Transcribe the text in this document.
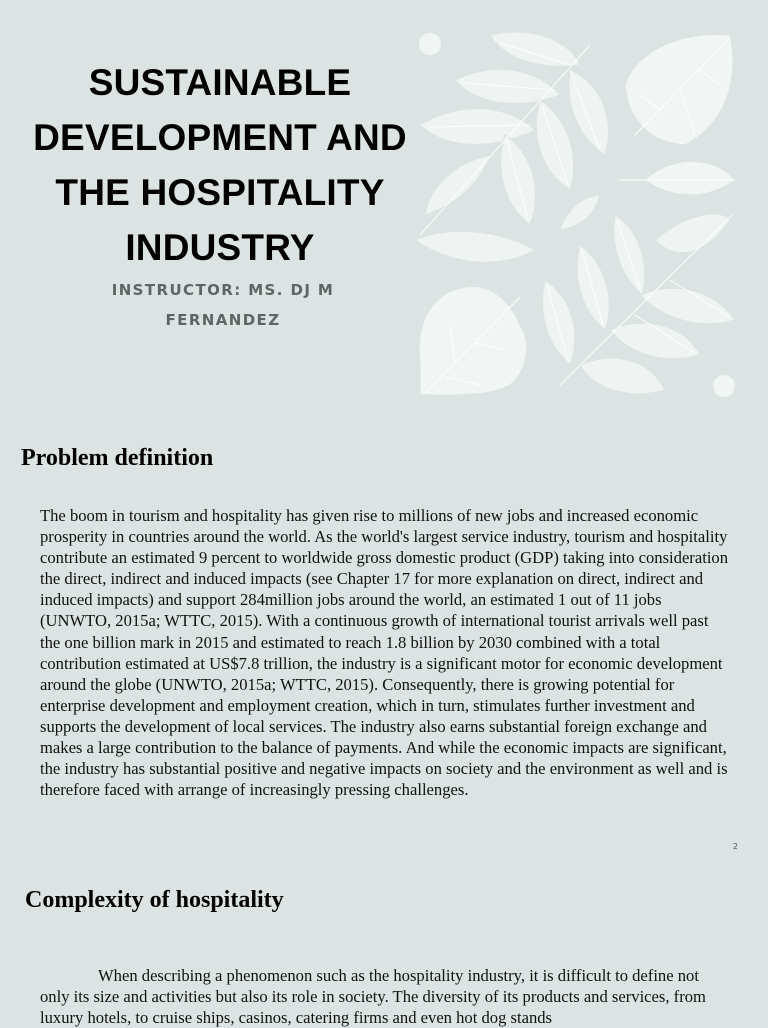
SUSTAINABLE DEVELOPMENT AND THE HOSPITALITY INDUSTRY

INSTRUCTOR: MS. DJ M FERNANDEZ

Problem definition

The boom in tourism and hospitality has given rise to millions of new jobs and increased economic prosperity in countries around the world. As the world's largest service industry, tourism and hospitality contribute an estimated 9 percent to worldwide gross domestic product (GDP) taking into consideration the direct, indirect and induced impacts (see Chapter 17 for more explanation on direct, indirect and induced impacts) and support 284million jobs around the world, an estimated 1 out of 11 jobs (UNWTO, 2015a; WTTC, 2015). With a continuous growth of international tourist arrivals well past the one billion mark in 2015 and estimated to reach 1.8 billion by 2030 combined with a total contribution estimated at US$7.8 trillion, the industry is a significant motor for economic development around the globe (UNWTO, 2015a; WTTC, 2015). Consequently, there is growing potential for enterprise development and employment creation, which in turn, stimulates further investment and supports the development of local services. The industry also earns substantial foreign exchange and makes a large contribution to the balance of payments. And while the economic impacts are significant, the industry has substantial positive and negative impacts on society and the environment as well and is therefore faced with arrange of increasingly pressing challenges.

2
Complexity of hospitality

When describing a phenomenon such as the hospitality industry, it is difficult to define not only its size and activities but also its role in society. The diversity of its products and services, from luxury hotels, to cruise ships, casinos, catering firms and even hot dog stands
